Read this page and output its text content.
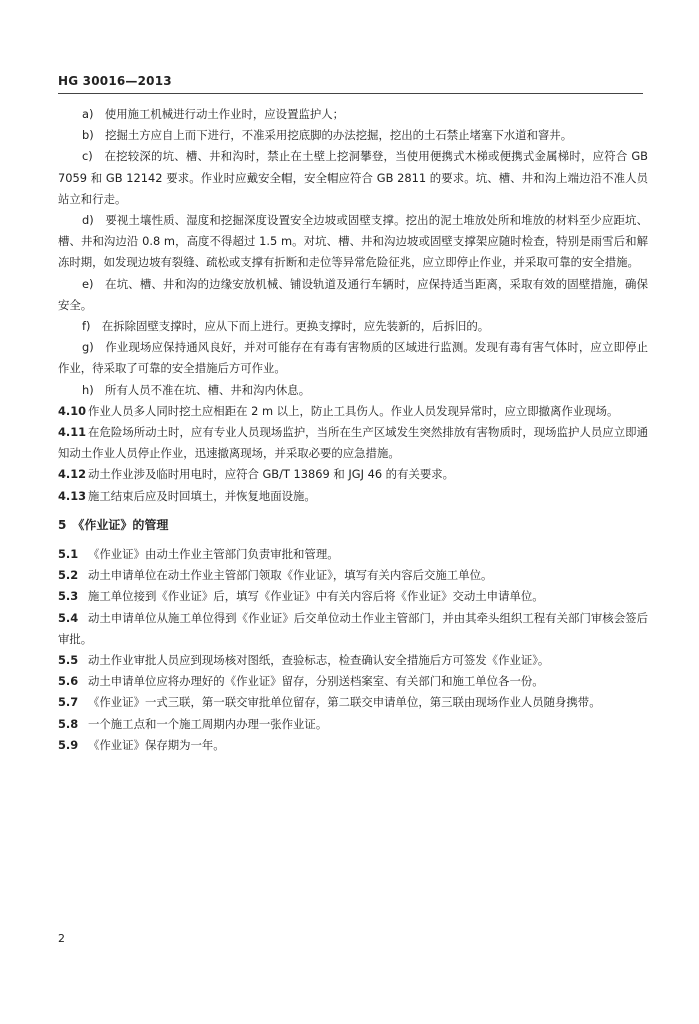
HG 30016—2013

a)　使用施工机械进行动土作业时，应设置监护人；

b)　挖掘土方应自上而下进行，不准采用挖底脚的办法挖掘，挖出的土石禁止堵塞下水道和窨井。

c)　在挖较深的坑、槽、井和沟时，禁止在土壁上挖洞攀登，当使用便携式木梯或便携式金属梯时，应符合 GB 7059 和 GB 12142 要求。作业时应戴安全帽，安全帽应符合 GB 2811 的要求。坑、槽、井和沟上端边沿不准人员站立和行走。

d)　要视土壤性质、湿度和挖掘深度设置安全边坡或固壁支撑。挖出的泥土堆放处所和堆放的材料至少应距坑、槽、井和沟边沿 0.8 m，高度不得超过 1.5 m。对坑、槽、井和沟边坡或固壁支撑架应随时检查，特别是雨雪后和解冻时期，如发现边坡有裂缝、疏松或支撑有折断和走位等异常危险征兆，应立即停止作业，并采取可靠的安全措施。

e)　在坑、槽、井和沟的边缘安放机械、铺设轨道及通行车辆时，应保持适当距离，采取有效的固壁措施，确保安全。

f)　在拆除固壁支撑时，应从下而上进行。更换支撑时，应先装新的，后拆旧的。

g)　作业现场应保持通风良好，并对可能存在有毒有害物质的区域进行监测。发现有毒有害气体时，应立即停止作业，待采取了可靠的安全措施后方可作业。

h)　所有人员不准在坑、槽、井和沟内休息。

4.10 作业人员多人同时挖土应相距在 2 m 以上，防止工具伤人。作业人员发现异常时，应立即撤离作业现场。

4.11 在危险场所动土时，应有专业人员现场监护，当所在生产区域发生突然排放有害物质时，现场监护人员应立即通知动土作业人员停止作业，迅速撤离现场，并采取必要的应急措施。

4.12 动土作业涉及临时用电时，应符合 GB/T 13869 和 JGJ 46 的有关要求。

4.13 施工结束后应及时回填土，并恢复地面设施。

5　《作业证》的管理

5.1 《作业证》由动土作业主管部门负责审批和管理。

5.2 动土申请单位在动土作业主管部门领取《作业证》，填写有关内容后交施工单位。

5.3 施工单位接到《作业证》后，填写《作业证》中有关内容后将《作业证》交动土申请单位。

5.4 动土申请单位从施工单位得到《作业证》后交单位动土作业主管部门，并由其牵头组织工程有关部门审核会签后审批。

5.5 动土作业审批人员应到现场核对图纸，查验标志，检查确认安全措施后方可签发《作业证》。

5.6 动土申请单位应将办理好的《作业证》留存，分别送档案室、有关部门和施工单位各一份。

5.7 《作业证》一式三联，第一联交审批单位留存，第二联交申请单位，第三联由现场作业人员随身携带。

5.8 一个施工点和一个施工周期内办理一张作业证。

5.9 《作业证》保存期为一年。

2
